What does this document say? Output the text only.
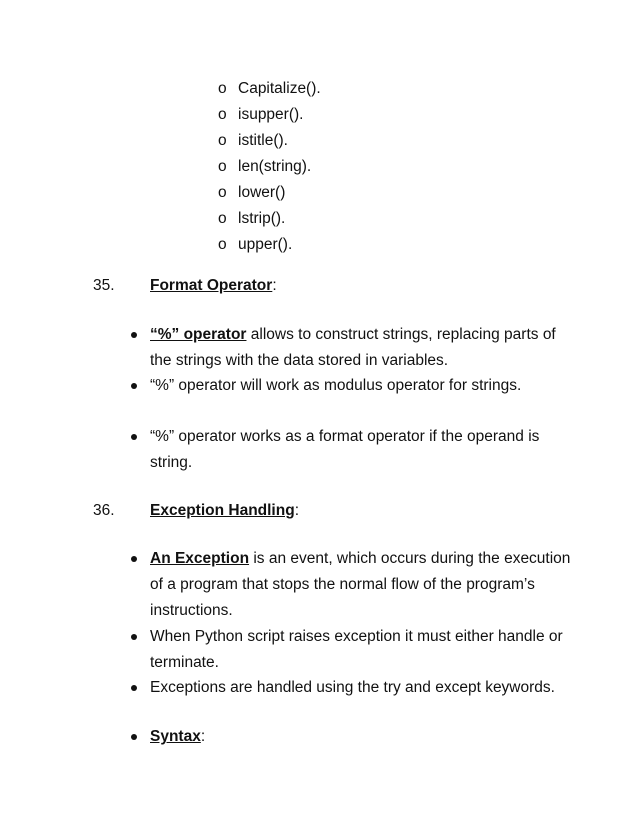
o Capitalize().
o isupper().
o istitle().
o len(string).
o lower()
o lstrip().
o upper().
35. Format Operator:
“%” operator allows to construct strings, replacing parts of the strings with the data stored in variables.
“%” operator will work as modulus operator for strings.
“%” operator works as a format operator if the operand is string.
36. Exception Handling:
An Exception is an event, which occurs during the execution of a program that stops the normal flow of the program’s instructions.
When Python script raises exception it must either handle or terminate.
Exceptions are handled using the try and except keywords.
Syntax:
